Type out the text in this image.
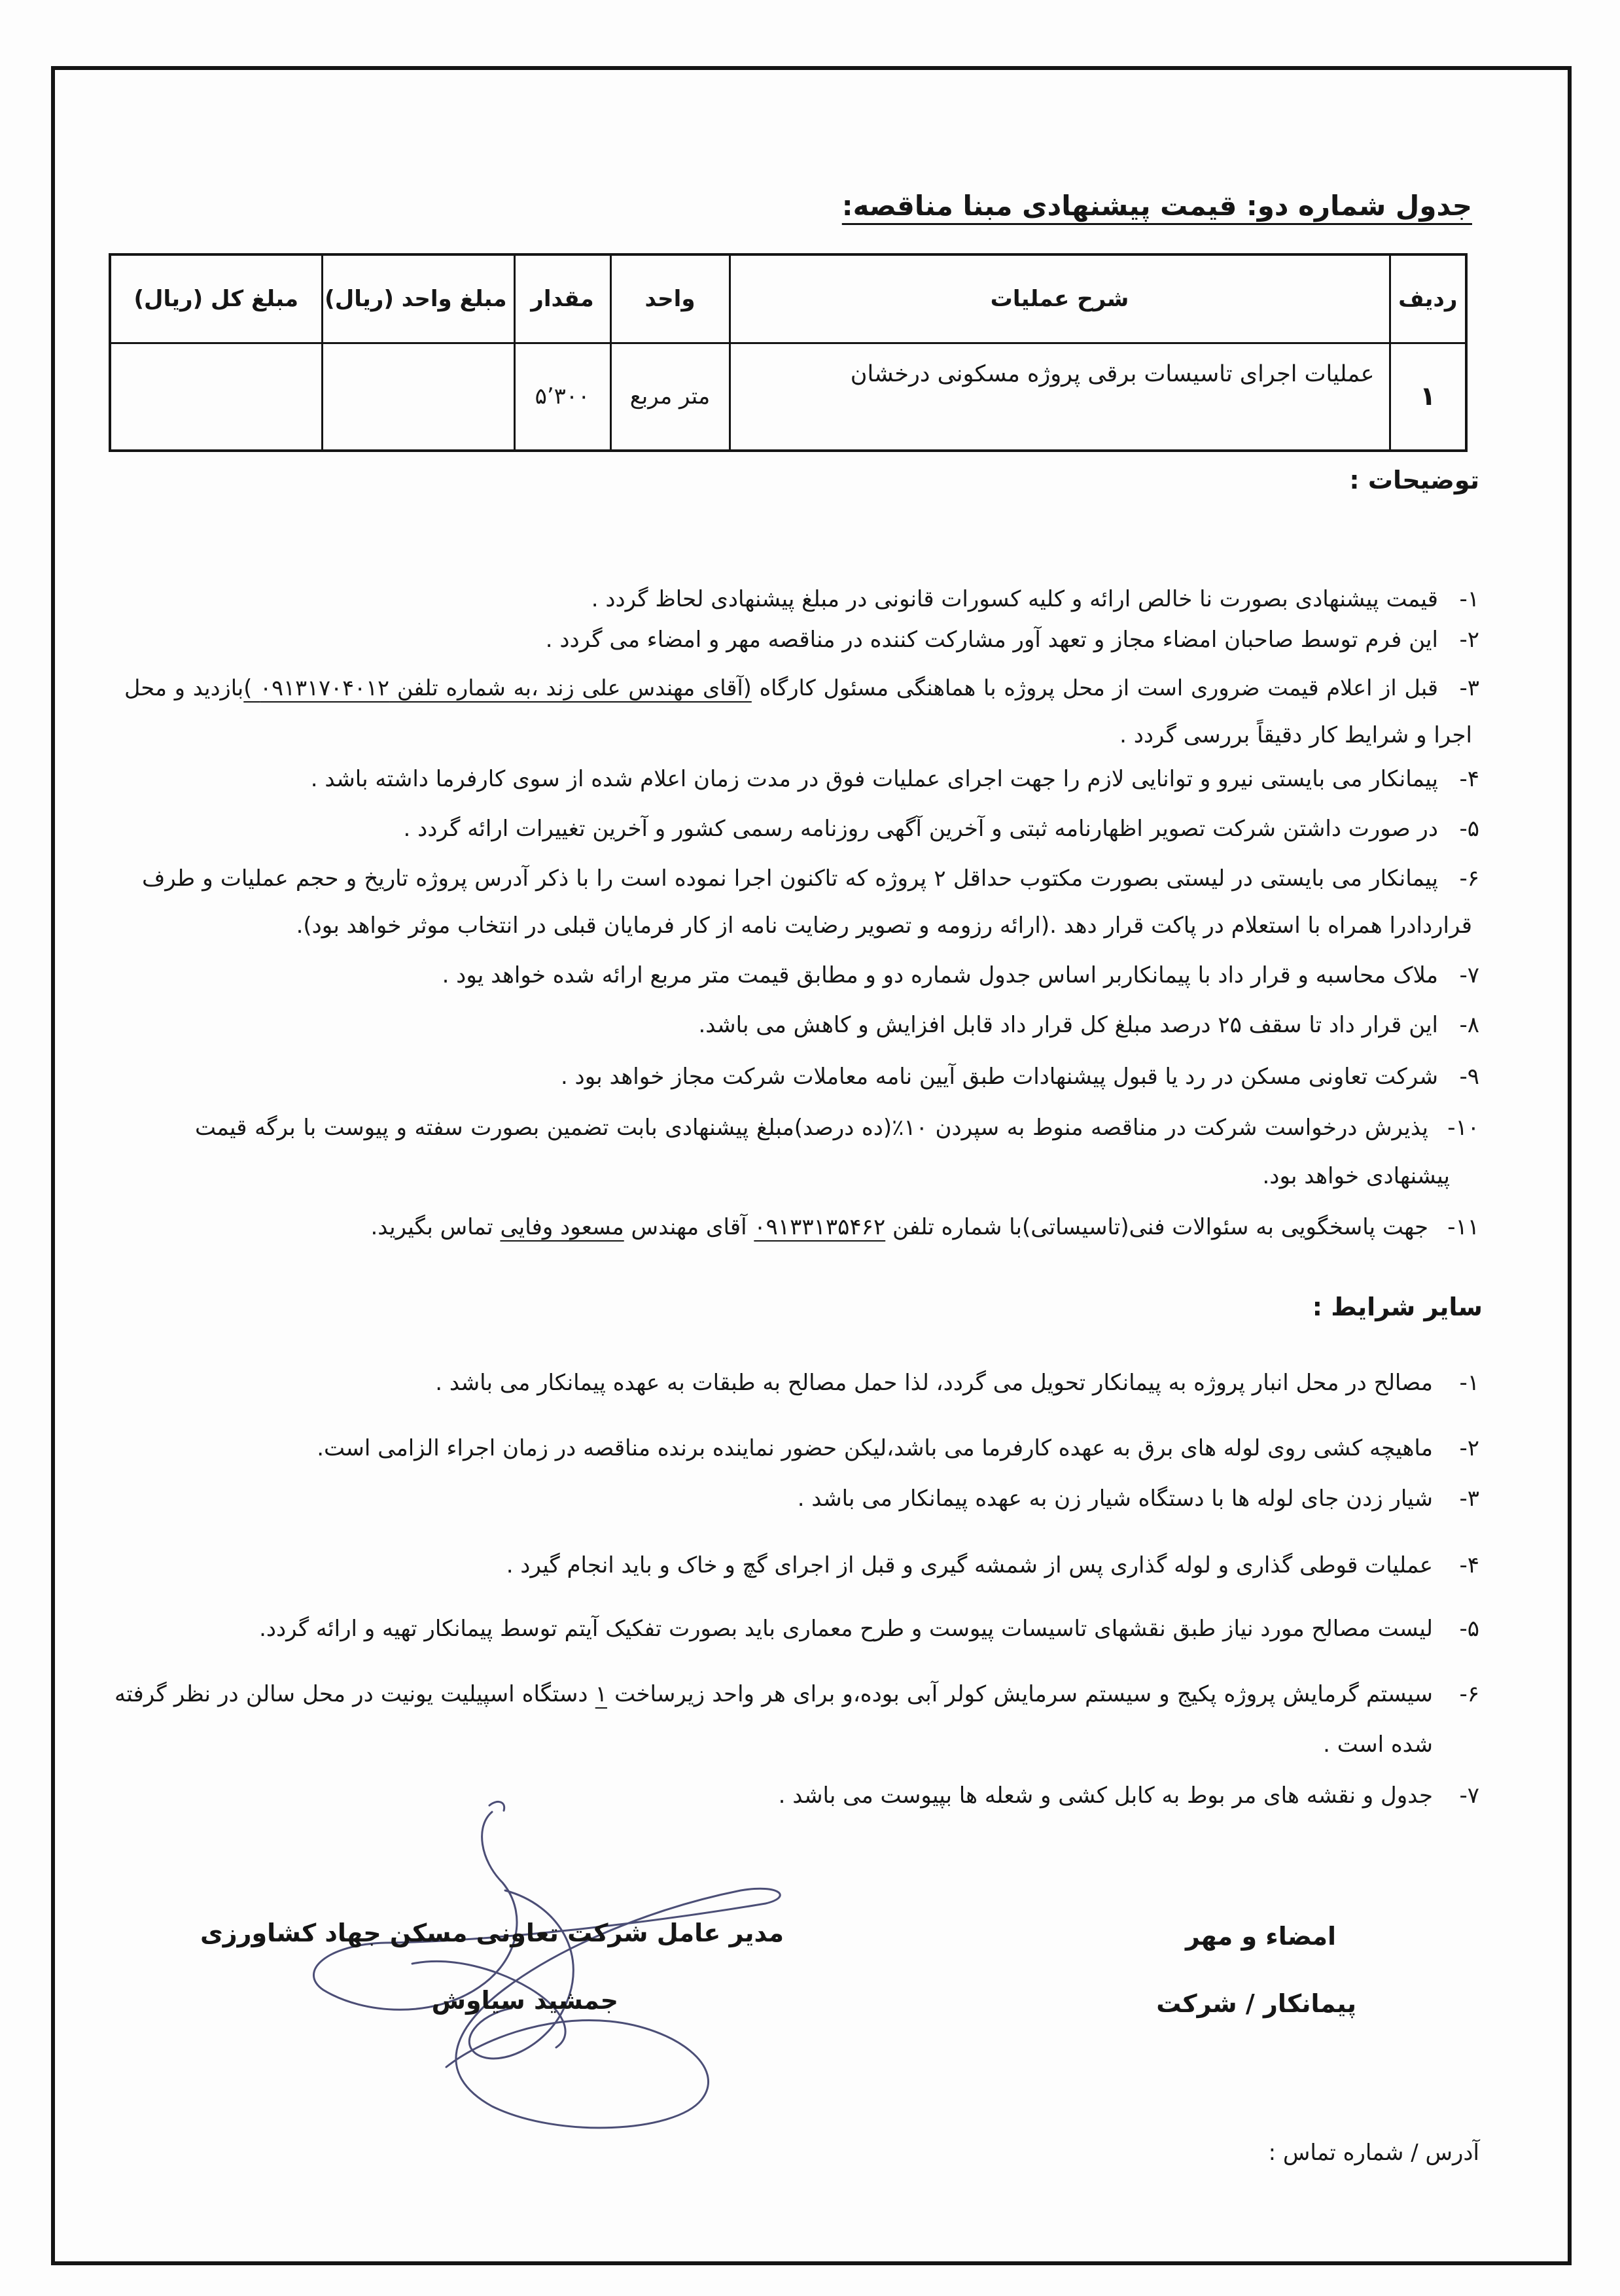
جدول شماره دو: قیمت پیشنهادی مبنا مناقصه:
ردیف	شرح عملیات	واحد	مقدار	مبلغ واحد (ریال)	مبلغ کل (ریال)
۱	عملیات اجرای تاسیسات برقی پروژه مسکونی درخشان	متر مربع	۵٬۳۰۰		
توضیحات :
۱-
قیمت پیشنهادی بصورت نا خالص ارائه و کلیه کسورات قانونی در مبلغ پیشنهادی لحاظ گردد .
۲-
این فرم توسط صاحبان امضاء مجاز و تعهد آور مشارکت کننده در مناقصه مهر و امضاء می گردد .
۳-
قبل از اعلام قیمت ضروری است از محل پروژه با هماهنگی مسئول کارگاه (آقای مهندس علی زند ،به شماره تلفن ۰۹۱۳۱۷۰۴۰۱۲ )بازدید و محل
اجرا و شرایط کار دقیقاً بررسی گردد .
۴-
پیمانکار می بایستی نیرو و توانایی لازم را جهت اجرای عملیات فوق در مدت زمان اعلام شده از سوی کارفرما داشته باشد .
۵-
در صورت داشتن شرکت تصویر اظهارنامه ثبتی و آخرین آگهی روزنامه رسمی کشور و آخرین تغییرات ارائه گردد .
۶-
پیمانکار می بایستی در لیستی بصورت مکتوب حداقل ۲ پروژه که تاکنون اجرا نموده است را با ذکر آدرس پروژه تاریخ و حجم عملیات و طرف
قراردادرا همراه با استعلام در پاکت قرار دهد .(ارائه رزومه و تصویر رضایت نامه از کار فرمایان قبلی در انتخاب موثر خواهد بود).
۷-
ملاک محاسبه و قرار داد با پیمانکاربر اساس جدول شماره دو و مطابق قیمت متر مربع ارائه شده خواهد یود .
۸-
این قرار داد تا سقف ۲۵ درصد مبلغ کل قرار داد قابل افزایش و کاهش می باشد.
۹-
شرکت تعاونی مسکن در رد یا قبول پیشنهادات طبق آیین نامه معاملات شرکت مجاز خواهد بود .
۱۰-
پذیرش درخواست شرکت در مناقصه منوط به سپردن ۱۰٪(ده درصد)مبلغ پیشنهادی بابت تضمین بصورت سفته و پیوست با برگه قیمت
پیشنهادی خواهد بود.
۱۱-
جهت پاسخگویی به سئوالات فنی(تاسیساتی)با شماره تلفن ۰۹۱۳۳۱۳۵۴۶۲ آقای مهندس مسعود وفایی تماس بگیرید.
سایر شرایط :
۱-
مصالح در محل انبار پروژه به پیمانکار تحویل می گردد، لذا حمل مصالح به طبقات به عهده پیمانکار می باشد .
۲-
ماهیچه کشی روی لوله های برق به عهده کارفرما می باشد،لیکن حضور نماینده برنده مناقصه در زمان اجراء الزامی است.
۳-
شیار زدن جای لوله ها با دستگاه شیار زن به عهده پیمانکار می باشد .
۴-
عملیات قوطی گذاری و لوله گذاری پس از شمشه گیری و قبل از اجرای گچ و خاک و باید انجام گیرد .
۵-
لیست مصالح مورد نیاز طبق نقشهای تاسیسات پیوست و طرح معماری باید بصورت تفکیک آیتم توسط پیمانکار تهیه و ارائه گردد.
۶-
سیستم گرمایش پروژه پکیج و سیستم سرمایش کولر آبی بوده،و برای هر واحد زیرساخت ۱ دستگاه اسپیلیت یونیت در محل سالن در نظر گرفته
شده است .
۷-
جدول و نقشه های مر بوط به کابل کشی و شعله ها بپیوست می باشد .
مدیر عامل شرکت تعاونی مسکن جهاد کشاورزی
جمشید سیاوش
امضاء و مهر
پیمانکار / شرکت
آدرس / شماره تماس :
